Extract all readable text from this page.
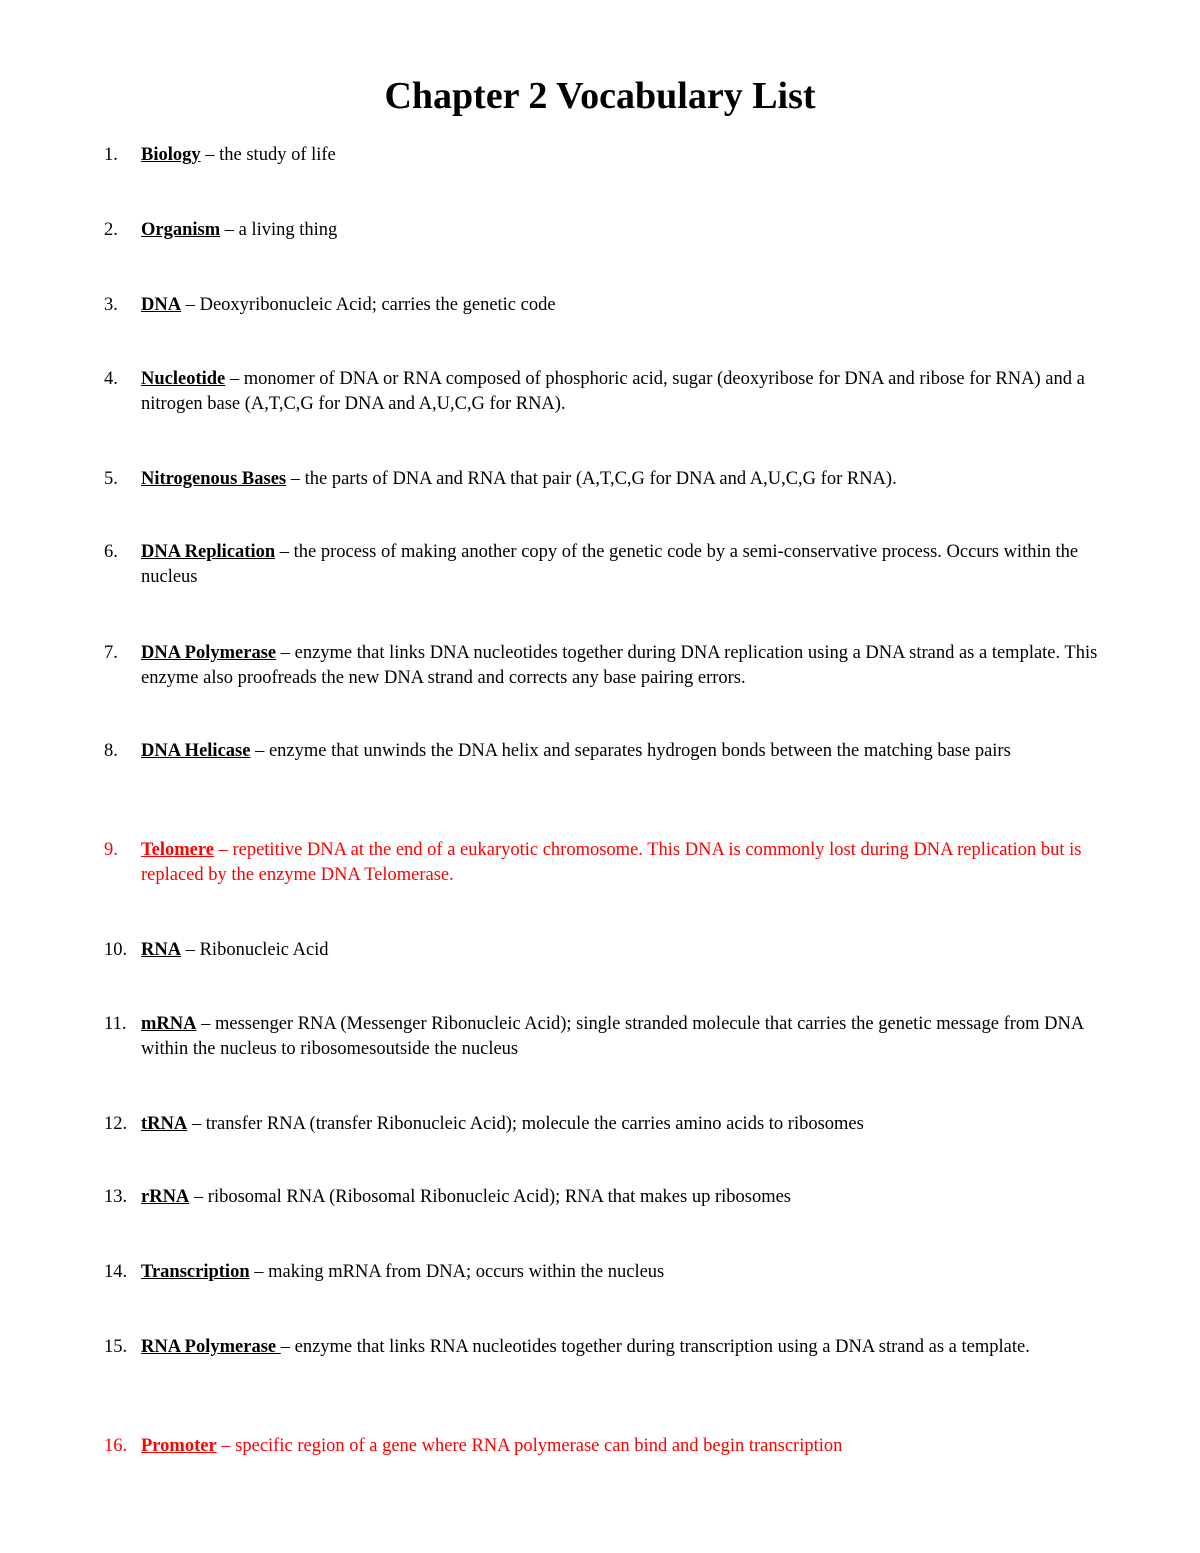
Chapter 2 Vocabulary List
1.	Biology – the study of life
2.	Organism – a living thing
3.	DNA – Deoxyribonucleic Acid; carries the genetic code
4.	Nucleotide – monomer of DNA or RNA composed of phosphoric acid, sugar (deoxyribose for DNA and ribose for RNA) and a nitrogen base (A,T,C,G for DNA and A,U,C,G for RNA).
5.	Nitrogenous Bases – the parts of DNA and RNA that pair (A,T,C,G for DNA and A,U,C,G for RNA).
6.	DNA Replication – the process of making another copy of the genetic code by a semi-conservative process. Occurs within the nucleus
7.	DNA Polymerase – enzyme that links DNA nucleotides together during DNA replication using a DNA strand as a template. This enzyme also proofreads the new DNA strand and corrects any base pairing errors.
8.	DNA Helicase – enzyme that unwinds the DNA helix and separates hydrogen bonds between the matching base pairs
9.	Telomere – repetitive DNA at the end of a eukaryotic chromosome. This DNA is commonly lost during DNA replication but is replaced by the enzyme DNA Telomerase.
10. RNA – Ribonucleic Acid
11. mRNA – messenger RNA (Messenger Ribonucleic Acid); single stranded molecule that carries the genetic message from DNA within the nucleus to ribosomesoutside the nucleus
12. tRNA – transfer RNA (transfer Ribonucleic Acid); molecule the carries amino acids to ribosomes
13. rRNA – ribosomal RNA (Ribosomal Ribonucleic Acid); RNA that makes up ribosomes
14. Transcription – making mRNA from DNA; occurs within the nucleus
15. RNA Polymerase – enzyme that links RNA nucleotides together during transcription using a DNA strand as a template.
16. Promoter – specific region of a gene where RNA polymerase can bind and begin transcription
